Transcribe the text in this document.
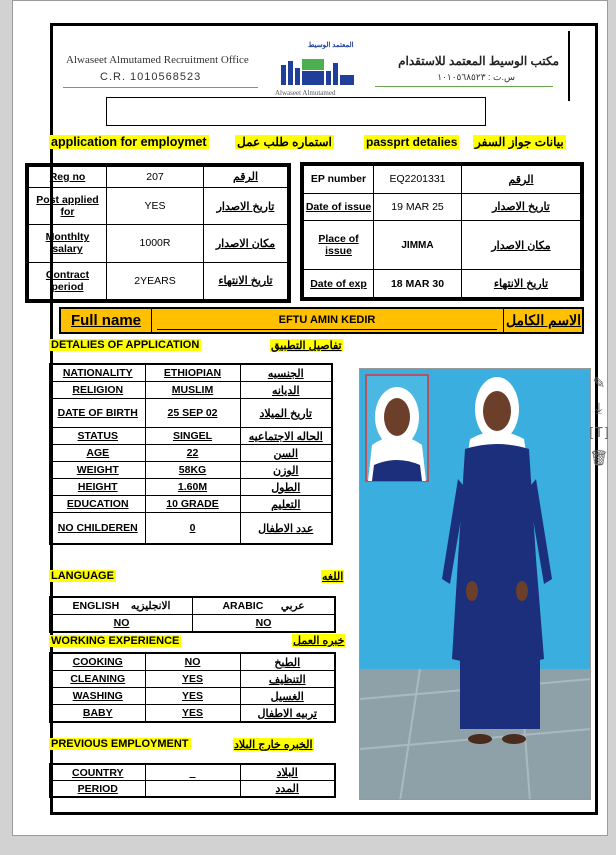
Alwaseet Almutamed Recruitment Office
C.R. 1010568523
Alwaseet Almutamed
المعتمد الوسيط
مكتب الوسيط المعتمد للاستقدام
س.ت : ١٠١٠٥٦٨٥٢٣
application for employmet	استماره طلب عمل	passprt detalies بيانات جواز السفر
Reg no	207	الرقم
Post applied for	YES	تاريخ الاصدار
Monthlty salary	1000R	مكان الاصدار
Contract period	2YEARS	تاريخ الانتهاء
EP number	EQ2201331	الرقم
Date of issue	19 MAR 25	تاريخ الاصدار
Place of issue	JIMMA	مكان الاصدار
Date of exp	18 MAR 30	تاريخ الانتهاء
Full name	EFTU AMIN KEDIR	الاسم الكامل
DETALIES OF APPLICATION	تفاصيل التطبيق
NATIONALITY	ETHIOPIAN	الجنسيه
RELIGION	MUSLIM	الديانه
DATE OF BIRTH	25 SEP 02	تاريخ الميلاد
STATUS	SINGEL	الحاله الاجتماعيه
AGE	22	السن
WEIGHT	58KG	الوزن
HEIGHT	1.60M	الطول
EDUCATION	10 GRADE	التعليم
NO CHILDEREN	0	عدد الاطفال
LANGUAGE	اللغه
ENGLISH الانجليزيه	ARABIC عربي
NO	NO
WORKING EXPERIENCE	خبره العمل
COOKING	NO	الطبخ
CLEANING	YES	التنظيف
WASHING	YES	الغسيل
BABY	YES	تربيه الاطفال
PREVIOUS EMPLOYMENT	الخبره خارج البلاد
COUNTRY	_	البلاد
PERIOD		المدد
✎
⤓
[T]
🗑
